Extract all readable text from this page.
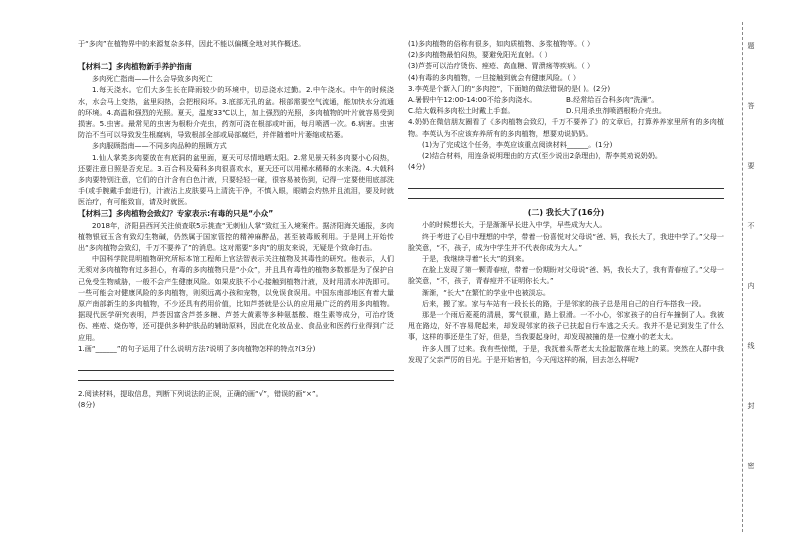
于“多肉”在植物界中的来源复杂多样，因此不能以偏概全地对其作概述。

【材料二】多肉植物新手养护指南

多肉死亡指南——什么会导致多肉死亡

1.每天浇水。它们大多生长在降雨较少的环境中，切忌浇水过勤。2.中午浇水。中午的时候浇水，水会马上变热，盆里闷热，会把根闷坏。3.底部无孔的盆。根部需要空气流通，能加快水分流通的环境。4.高温和强烈的光照。夏天，温度33℃以上，加上强烈的光照，多肉植物的叶片就容易受到损害。5.虫害。最常见的虫害为根粉介壳虫，药剂可浇在根部或叶面，每月喷洒一次。6.病害。虫害防治不当可以导致发生根腐病，导致根部全部或局部腐烂，并伴随着叶片萎缩或枯萎。

多肉服顾指南——不同多肉品种的照顾方式

1.仙人掌类多肉要放在有底洞的盆里面，夏天可尽情地晒太阳。2.常见景天科多肉要小心闷热，还要注意日照是否充足。3.百合科及菊科多肉很喜欢水，夏天还可以用稀水稀释的水来浇。4.大戟科多肉要特别注意，它们的白汁含有白色汁液，只要轻轻一碰，很容易被伤到，记得一定要使用底部洗手(或手腕戴手套进行)，汁液沾上皮肤要马上清洗干净，不慎入眼，眼睛会灼热并且流泪，要及时就医治疗，有可能致盲，请及时就医。

【材料三】多肉植物会致幻？专家表示:有毒的只是“小众”

2018年，济阳县西河关注侦查联5示挑查“无刺仙人掌”致红玉入境案件。据济阳海关通报，多肉植物银冠玉含有致幻生物碱，仍然属于国家管控的精神麻醉品，甚至被毒贩利用。于是网上开始传出“多肉植物会致幻，千万不要养了”的消息。这对需要“多肉”的朋友来说，无疑是个致命打击。

中国科学院昆明植物研究所标本馆工程师上官法智表示关注植物及其毒性的研究。他表示，人们无须对多肉植物有过多担心，有毒的多肉植物只是“小众”，并且具有毒性的植物多数都是为了保护自己免受生物威胁，一般不会产生健康风险。如果皮肤不小心接触到植物汁液，及时用清水冲洗即可。一些可能会对健康风险的多肉植物，则须远离小孩和宠物，以免误食误用。中国东南部地区有着大量原产南部新生的多肉植物，不少还具有药用价值，比如芦荟就是公认的应用最广泛的药用多肉植物。据现代医学研究表明，芦荟因富含芦荟多糖、芦荟大黄素等多种氨基酸、维生素等成分，可治疗烫伤、痤疮、烧伤等，还可提供多种护肤品的辅助原料，因此在化妆品业、食品业和医药行业得到广泛应用。

1.画“______”的句子运用了什么说明方法?说明了多肉植物怎样的特点?(3分)

2.阅读材料，提取信息，判断下列说法的正误，正确的画“√”，错误的画“×”。

(8分)

(1)多肉植物的俗称有很多，如肉质植物、多浆植物等。（ ）

(2)多肉植物最怕闷热，要避免阳光直射。（ ）

(3)芦荟可以治疗烫伤、痤疮、高血糖、胃溃疡等疾病。（ ）

(4)有毒的多肉植物，一旦接触到就会有健康风险。（ ）

3.李英是个新入门的“多肉控”，下面她的做法错误的是( )。(2分)

A.暑假中午12:00-14:00不给多肉浇水。	B.经常给百合科多肉“洗澡”。

C.给大戟科多肉松土时戴上手套。	D.只用杀虫剂喷洒根粉介壳虫。

4.奶奶在微信朋友圈看了《多肉植物会致幻，千万不要养了》的文章后，打算养养家里所有的多肉植物。李英认为不应该弃养所有的多肉植物，想要劝说奶奶。

(1)为了完成这个任务，李英应该重点阅读材料______。(1分)

(2)结合材料，用连条说明理由的方式(至少说出2条理由)，帮李英劝说奶奶。

(4分)

(二) 我长大了(16分)

小的时候想长大，于是渐渐早长进入中学，早些成为大人。

终于考进了心目中理想的中学，带着一份喜悦对父母说“爸、妈，我长大了，我进中学了。”父母一脸笑意，“不，孩子，成为中学生并不代表你成为大人。”

于是，我继续寻着“长大”的到来。

在脸上发现了第一颗青春痘，带着一份期盼对父母说“爸、妈，我长大了，我有青春痘了。”父母一脸笑意，“不，孩子，青春痘并不证明你长大。”

渐渐，“长大”在繁忙的学业中也被淡忘。

后来，搬了家。家与车站有一段长长的路，于是邻家的孩子总是用自己的自行车搭我一段。

那是一个雨后菱菱的清晨，雾气很重，路上很滑。一不小心，邻家孩子的自行车撞倒了人。我被甩在路边，好不容易爬起来，却发现邻家的孩子已扶起自行车逃之夭夭。我并不是记到发生了什么事，这样的事还是生了好，但是，当我要起身时，却发现被撞的是一位瘦小的老太太。

许多人围了过来。我有些惊慌，于是，我抚着头帮老太太捡起散落在地上的菜。突然在人群中我发现了父亲严厉的目光。于是开始害怕，今天闯这样的祸，回去怎么样呢?

题
答
要
不
内
线
封
密
